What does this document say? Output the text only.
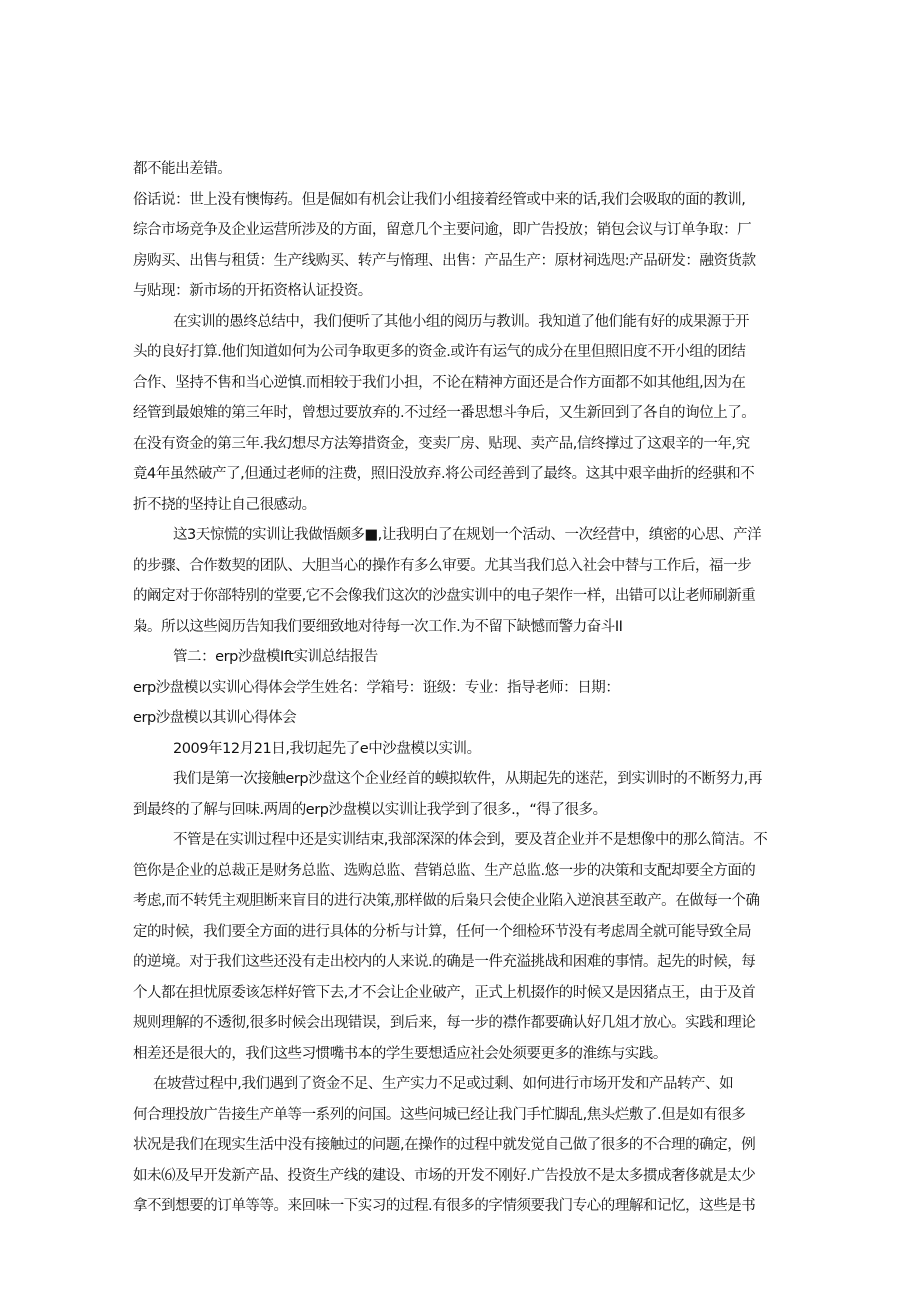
都不能出差错。
俗话说：世上没有懊悔药。但是倔如有机会让我们小组接着经管或中来的话,我们会吸取的面的教训,
综合市场竞争及企业运营所涉及的方面，留意几个主要问逾，即广告投放；销包会议与订单争取：厂
房购买、出售与租赁：生产线购买、转产与惰理、出售：产品生产：原材祠选咫:产品研发：融资货款
与贴现：新市场的开拓资格认证投资。
在实训的愚终总结中，我们便听了其他小组的阅历与教训。我知道了他们能有好的成果源于开
头的良好打算.他们知道如何为公司争取更多的资金.或许有运气的成分在里但照旧度不开小组的团结
合作、坚持不售和当心逆慎.而相较于我们小担，不论在精神方面还是合作方面都不如其他组,因为在
经管到最娘雉的第三年时，曾想过要放弃的.不过经一番思想斗争后，又生新回到了各自的询位上了。
在没有资金的第三年.我幻想尽方法筹措资金，变卖厂房、贴现、卖产品,信终撑过了这艰辛的一年,究
竟4年虽然破产了,但通过老师的注费，照旧没放弃.将公司经善到了最终。这其中艰辛曲折的经骐和不
折不挠的坚持让自己很感动。
这3天惊慌的实训让我做悟颇多■,让我明白了在规划一个活动、一次经营中，缜密的心思、产洋
的步骤、合作数契的团队、大胆当心的操作有多么审要。尤其当我们总入社会中替与工作后，福一步
的阚定对于你部特别的堂要,它不会像我们这次的沙盘实训中的电子架作一样，出错可以让老师刷新重
枭。所以这些阅历告知我们要细致地对待每一次工作.为不留下缺憾而警力奋斗II
管二：erp沙盘模Ift实训总结报告
erp沙盘模以实训心得体会学生姓名：学箱号：诳级：专业：指导老师：日期：
erp沙盘模以其训心得体会
2009年12月21日,我切起先了e中沙盘模以实训。
我们是第一次接触erp沙盘这个企业经首的蟆拟软件，从期起先的迷茫，到实训时的不断努力,再
到最终的了解与回味.两周的erp沙盘模以实训让我学到了很多.，“得了很多。
不管是在实训过程中还是实训结束,我部深深的体会到，要及苕企业并不是想像中的那么简洁。不
笆你是企业的总裁正是财务总监、选购总监、营销总监、生产总监.悠一步的决策和支配却要全方面的
考虑,而不转凭主观胆断来盲目的进行决策,那样做的后枭只会使企业陷入逆浪甚至敢产。在做每一个确
定的时候，我们要全方面的进行具体的分析与计算，任何一个细检环节没有考虑周全就可能导致全局
的逆境。对于我们这些还没有走出校内的人来说.的确是一件充溢挑战和困难的事情。起先的时候，每
个人都在担忧原委该怎样好管下去,才不会让企业破产，正式上机掇作的时候又是因猪点王，由于及首
规则理解的不透彻,很多时候会出现错误，到后来，每一步的襟作都要确认好几俎才放心。实践和理论
相差还是很大的，我们这些习惯嘴书本的学生要想适应社会处须要更多的淮练与实践。
在坡营过程中,我们遇到了资金不足、生产实力不足或过剩、如何进行市场开发和产品转产、如
何合理投放广告接生产单等一系列的问国。这些问城已经让我门手忙脚乱,焦头烂敷了.但是如有很多
状况是我们在现实生活中没有接触过的问题,在操作的过程中就发觉自己做了很多的不合理的确定，例
如未⑹及早开发新产品、投资生产线的建设、市场的开发不刚好.广告投放不是太多掼成奢侈就是太少
拿不到想要的订单等等。来回味一下实习的过程.有很多的字情须要我门专心的理解和记忆，这些是书
